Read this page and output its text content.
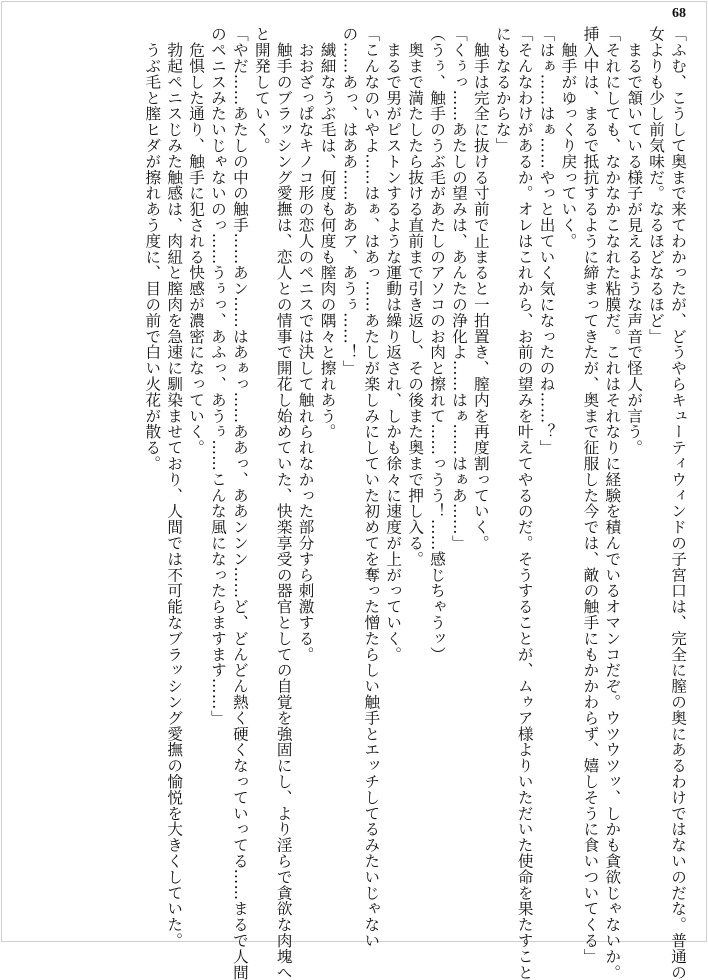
68
「ふむ、こうして奥まで来てわかったが、どうやらキューティウィンドの子宮口は、完全に膣の奥にあるわけではないのだな。普通の
女よりも少し前気味だ。なるほどなるほど」
　まるで頷いている様子が見えるような声音で怪人が言う。
「それにしても、なかなかこなれた粘膜だ。これはそれなりに経験を積んでいるオマンコだぞ。ウツウツッ、しかも貪欲じゃないか。
挿入中は、まるで抵抗するように締まってきたが、奥まで征服した今では、敵の触手にもかかわらず、嬉しそうに食いついてくる」
　触手がゆっくり戻っていく。
「はぁ……はぁ……やっと出ていく気になったのね……？」
「そんなわけがあるか。オレはこれから、お前の望みを叶えてやるのだ。そうすることが、ムゥア様よりいただいた使命を果たすこと
にもなるからな」
　触手は完全に抜ける寸前で止まると一拍置き、膣内を再度割っていく。
「くぅっ……あたしの望みは、あんたの浄化よ……はぁ……はぁあ……」
（うぅ、触手のうぶ毛があたしのアソコのお肉と擦れて……っうう！……感じちゃうッ）
　奥まで満たしたら抜ける直前まで引き返し、その後また奥まで押し入る。
　まるで男がピストンするような運動は繰り返され、しかも徐々に速度が上がっていく。
「こんなのいやよ……はぁ、はあっ……あたしが楽しみにしていた初めてを奪った憎たらしい触手とエッチしてるみたいじゃない
の……あっ、はああ……ああア、あうぅ……！」
　繊細なうぶ毛は、何度も何度も膣肉の隅々と擦れあう。
　おおざっぱなキノコ形の恋人のペニスでは決して触れられなかった部分すら刺激する。
　触手のブラッシング愛撫は、恋人との情事で開花し始めていた、快楽享受の器官としての自覚を強固にし、より淫らで貪欲な肉塊へ
と開発していく。
「やだ……あたしの中の触手……あン……はあぁっ……ああっ、ああンンン……ど、どんどん熱く硬くなっていってる……まるで人間
のペニスみたいじゃないのっ……うぅっ、あふっ、あうぅ……こんな風になったらますます……」
　危惧した通り、触手に犯される快感が濃密になっていく。
　勃起ペニスじみた触感は、肉紐と膣肉を急速に馴染ませており、人間では不可能なブラッシング愛撫の愉悦を大きくしていた。
　うぶ毛と膣ヒダが擦れあう度に、目の前で白い火花が散る。
